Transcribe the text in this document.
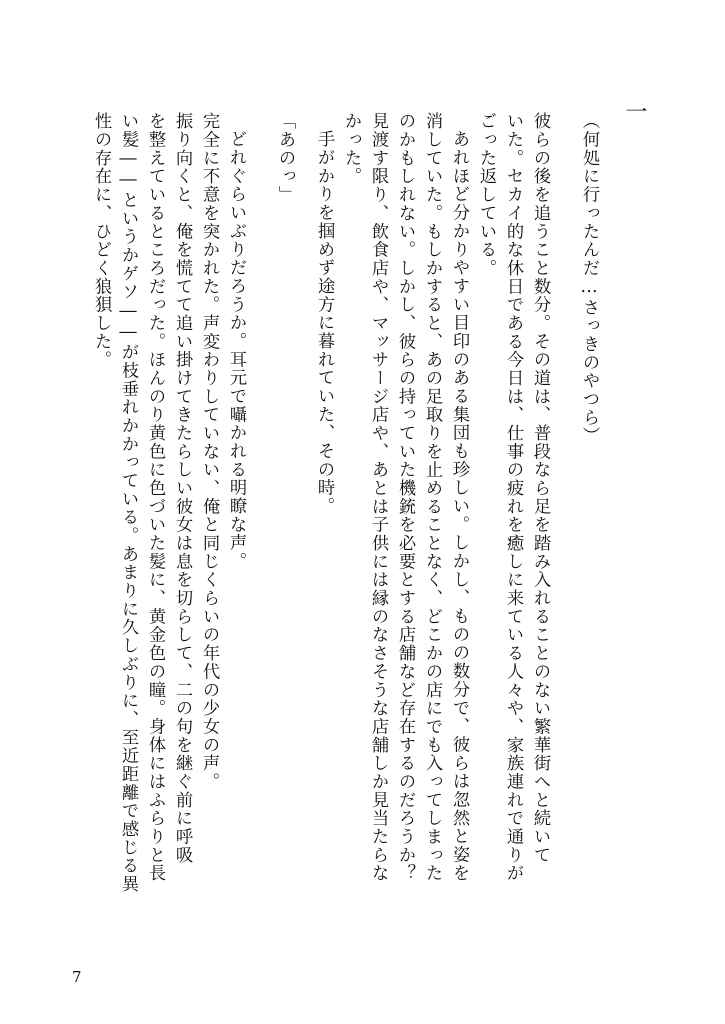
一
（何処に行ったんだ…さっきのやつら）
彼らの後を追うこと数分。その道は、普段なら足を踏み入れることのない繁華街へと続いて
いた。セカイ的な休日である今日は、仕事の疲れを癒しに来ている人々や、家族連れで通りが
ごった返している。
あれほど分かりやすい目印のある集団も珍しい。しかし、ものの数分で、彼らは忽然と姿を
消していた。もしかすると、あの足取りを止めることなく、どこかの店にでも入ってしまった
のかもしれない。しかし、彼らの持っていた機銃を必要とする店舗など存在するのだろうか？
見渡す限り、飲食店や、マッサージ店や、あとは子供には縁のなさそうな店舗しか見当たらな
かった。
手がかりを掴めず途方に暮れていた、その時。
「あのっ」
どれぐらいぶりだろうか。耳元で囁かれる明瞭な声。
完全に不意を突かれた。声変わりしていない、俺と同じくらいの年代の少女の声。
振り向くと、俺を慌てて追い掛けてきたらしい彼女は息を切らして、二の句を継ぐ前に呼吸
を整えているところだった。ほんのり黄色に色づいた髪に、黄金色の瞳。身体にはふらりと長
い髪――というかゲソ――が枝垂れかかっている。あまりに久しぶりに、至近距離で感じる異
性の存在に、ひどく狼狽した。
7
